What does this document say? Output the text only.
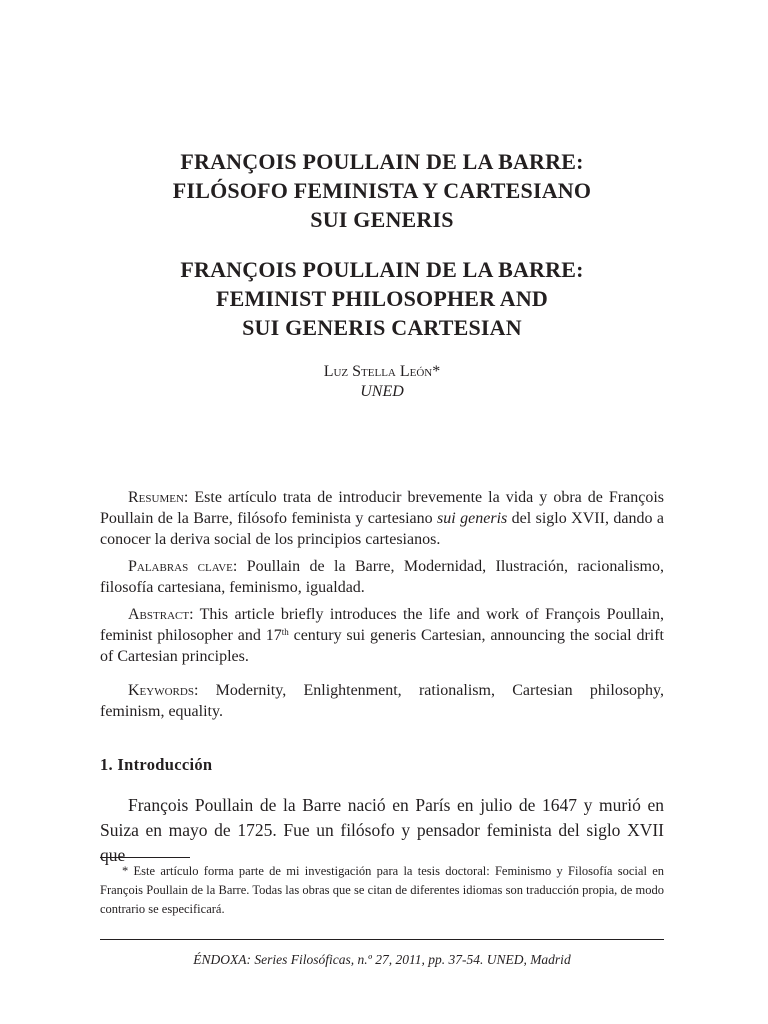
FRANÇOIS POULLAIN DE LA BARRE:
FILÓSOFO FEMINISTA Y CARTESIANO
SUI GENERIS
FRANÇOIS POULLAIN DE LA BARRE:
FEMINIST PHILOSOPHER AND
SUI GENERIS CARTESIAN

Luz Stella León*

UNED

Resumen: Este artículo trata de introducir brevemente la vida y obra de François Poullain de la Barre, filósofo feminista y cartesiano sui generis del siglo XVII, dando a conocer la deriva social de los principios cartesianos.

Palabras clave: Poullain de la Barre, Modernidad, Ilustración, racionalismo, filosofía cartesiana, feminismo, igualdad.

Abstract: This article briefly introduces the life and work of François Poullain, feminist philosopher and 17th century sui generis Cartesian, announcing the social drift of Cartesian principles.

Keywords: Modernity, Enlightenment, rationalism, Cartesian philosophy, feminism, equality.

1. Introducción

François Poullain de la Barre nació en París en julio de 1647 y murió en Suiza en mayo de 1725. Fue un filósofo y pensador feminista del siglo XVII que

* Este artículo forma parte de mi investigación para la tesis doctoral: Feminismo y Filosofía social en François Poullain de la Barre. Todas las obras que se citan de diferentes idiomas son traducción propia, de modo contrario se especificará.

ÉNDOXA: Series Filosóficas, n.º 27, 2011, pp. 37-54. UNED, Madrid
